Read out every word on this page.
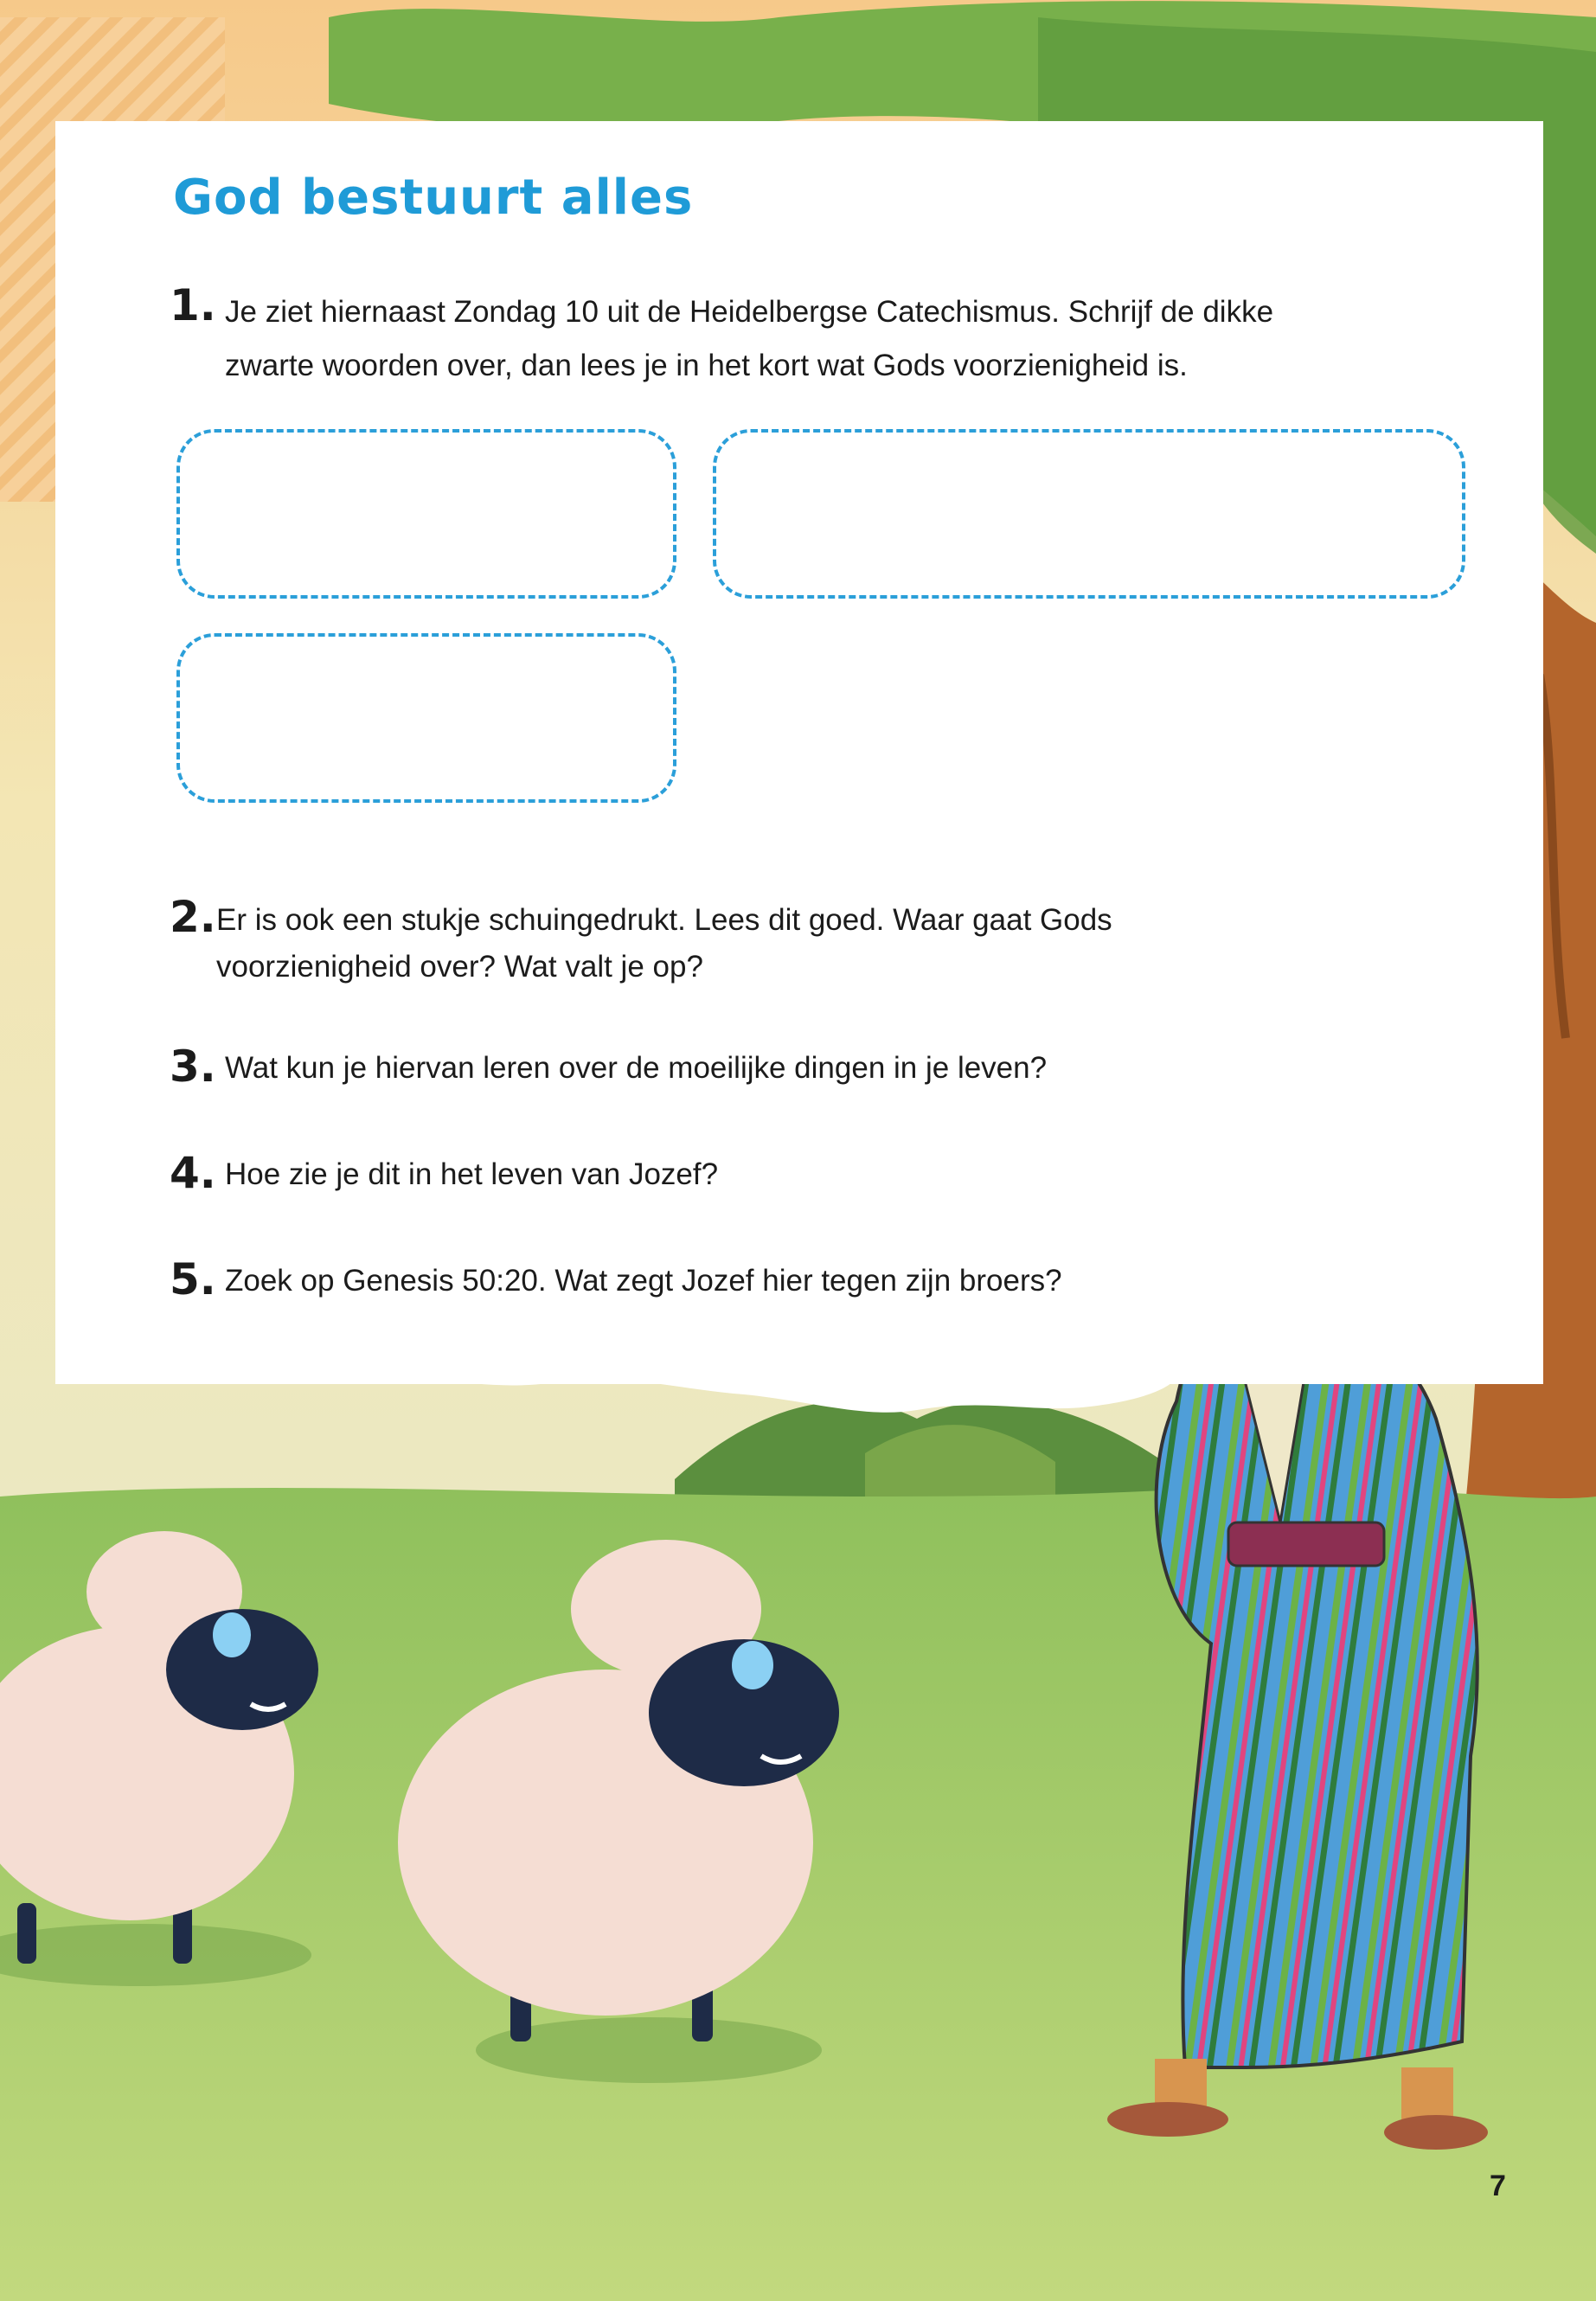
God bestuurt alles
1. Je ziet hiernaast Zondag 10 uit de Heidelbergse Catechismus. Schrijf de dikke
zwarte woorden over, dan lees je in het kort wat Gods voorzienigheid is.
2. Er is ook een stukje schuingedrukt. Lees dit goed. Waar gaat Gods
voorzienigheid over? Wat valt je op?
3. Wat kun je hiervan leren over de moeilijke dingen in je leven?
4. Hoe zie je dit in het leven van Jozef?
5. Zoek op Genesis 50:20. Wat zegt Jozef hier tegen zijn broers?
7
